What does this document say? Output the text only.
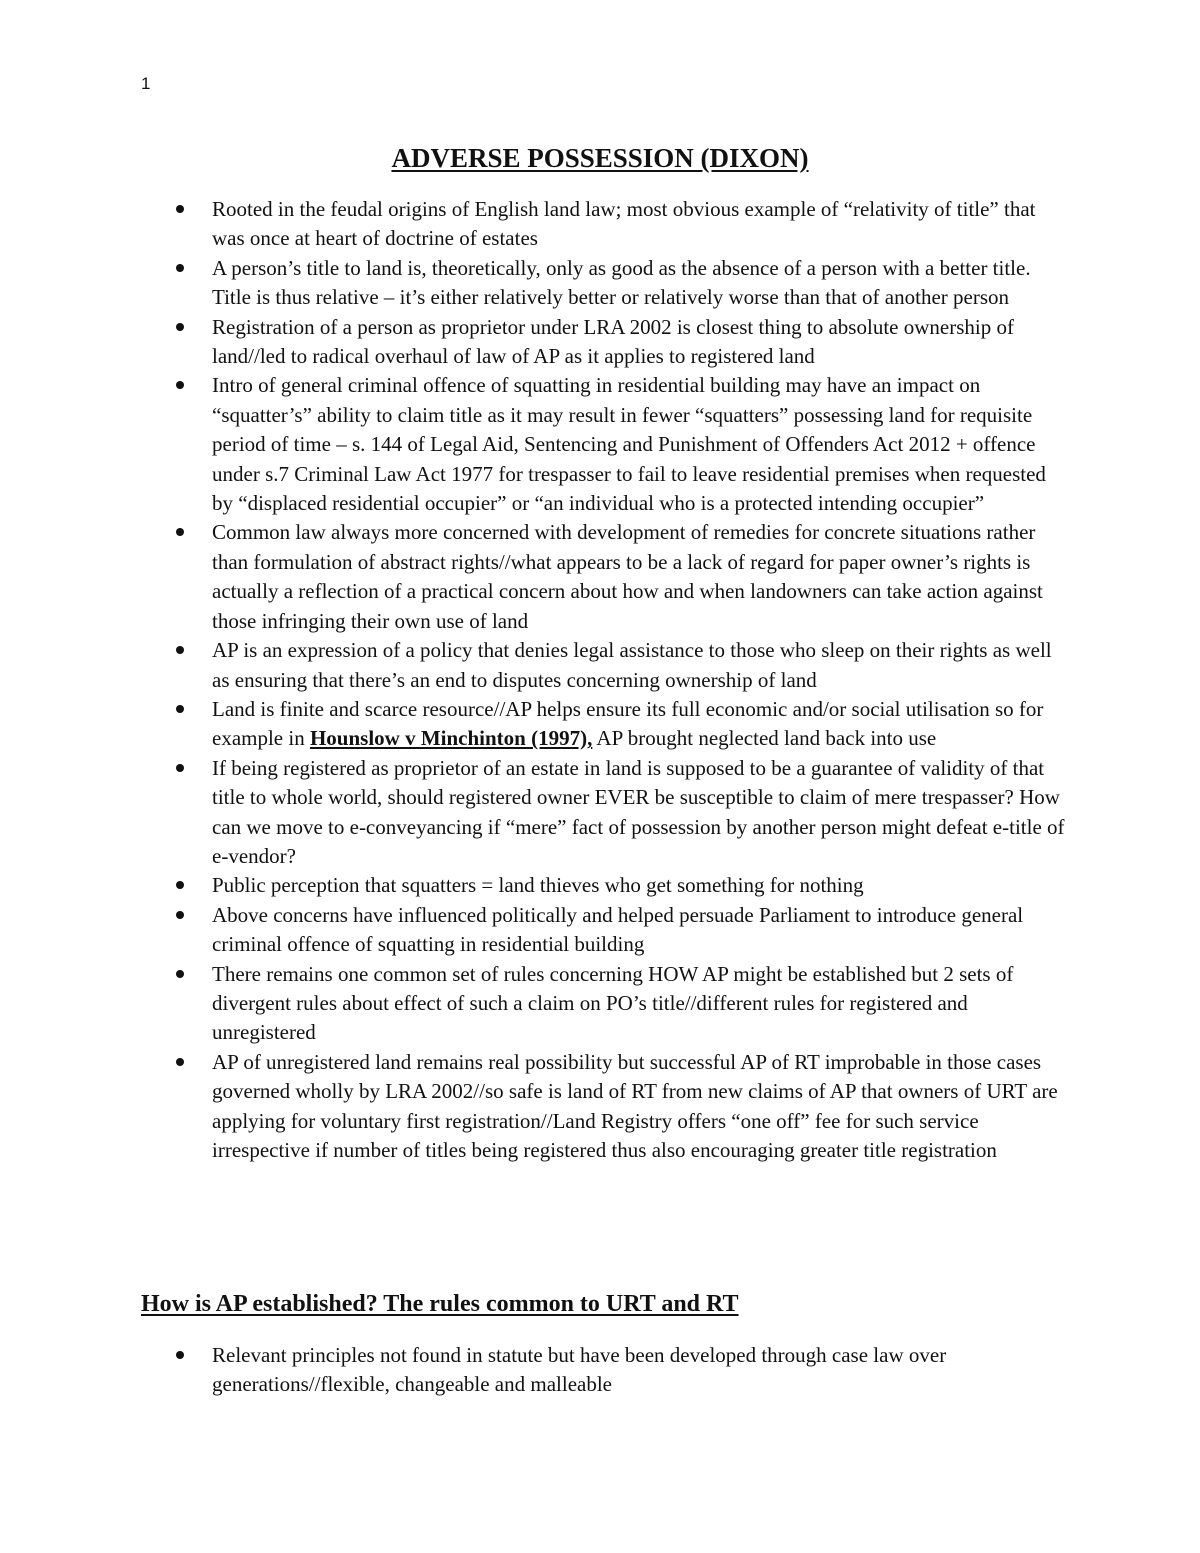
1
ADVERSE POSSESSION (DIXON)
Rooted in the feudal origins of English land law; most obvious example of “relativity of title” that was once at heart of doctrine of estates
A person’s title to land is, theoretically, only as good as the absence of a person with a better title. Title is thus relative – it’s either relatively better or relatively worse than that of another person
Registration of a person as proprietor under LRA 2002 is closest thing to absolute ownership of land//led to radical overhaul of law of AP as it applies to registered land
Intro of general criminal offence of squatting in residential building may have an impact on “squatter’s” ability to claim title as it may result in fewer “squatters” possessing land for requisite period of time – s. 144 of Legal Aid, Sentencing and Punishment of Offenders Act 2012 + offence under s.7 Criminal Law Act 1977 for trespasser to fail to leave residential premises when requested by “displaced residential occupier” or “an individual who is a protected intending occupier”
Common law always more concerned with development of remedies for concrete situations rather than formulation of abstract rights//what appears to be a lack of regard for paper owner’s rights is actually a reflection of a practical concern about how and when landowners can take action against those infringing their own use of land
AP is an expression of a policy that denies legal assistance to those who sleep on their rights as well as ensuring that there’s an end to disputes concerning ownership of land
Land is finite and scarce resource//AP helps ensure its full economic and/or social utilisation so for example in Hounslow v Minchinton (1997), AP brought neglected land back into use
If being registered as proprietor of an estate in land is supposed to be a guarantee of validity of that title to whole world, should registered owner EVER be susceptible to claim of mere trespasser? How can we move to e-conveyancing if “mere” fact of possession by another person might defeat e-title of e-vendor?
Public perception that squatters = land thieves who get something for nothing
Above concerns have influenced politically and helped persuade Parliament to introduce general criminal offence of squatting in residential building
There remains one common set of rules concerning HOW AP might be established but 2 sets of divergent rules about effect of such a claim on PO’s title//different rules for registered and unregistered
AP of unregistered land remains real possibility but successful AP of RT improbable in those cases governed wholly by LRA 2002//so safe is land of RT from new claims of AP that owners of URT are applying for voluntary first registration//Land Registry offers “one off” fee for such service irrespective if number of titles being registered thus also encouraging greater title registration
How is AP established? The rules common to URT and RT
Relevant principles not found in statute but have been developed through case law over generations//flexible, changeable and malleable
